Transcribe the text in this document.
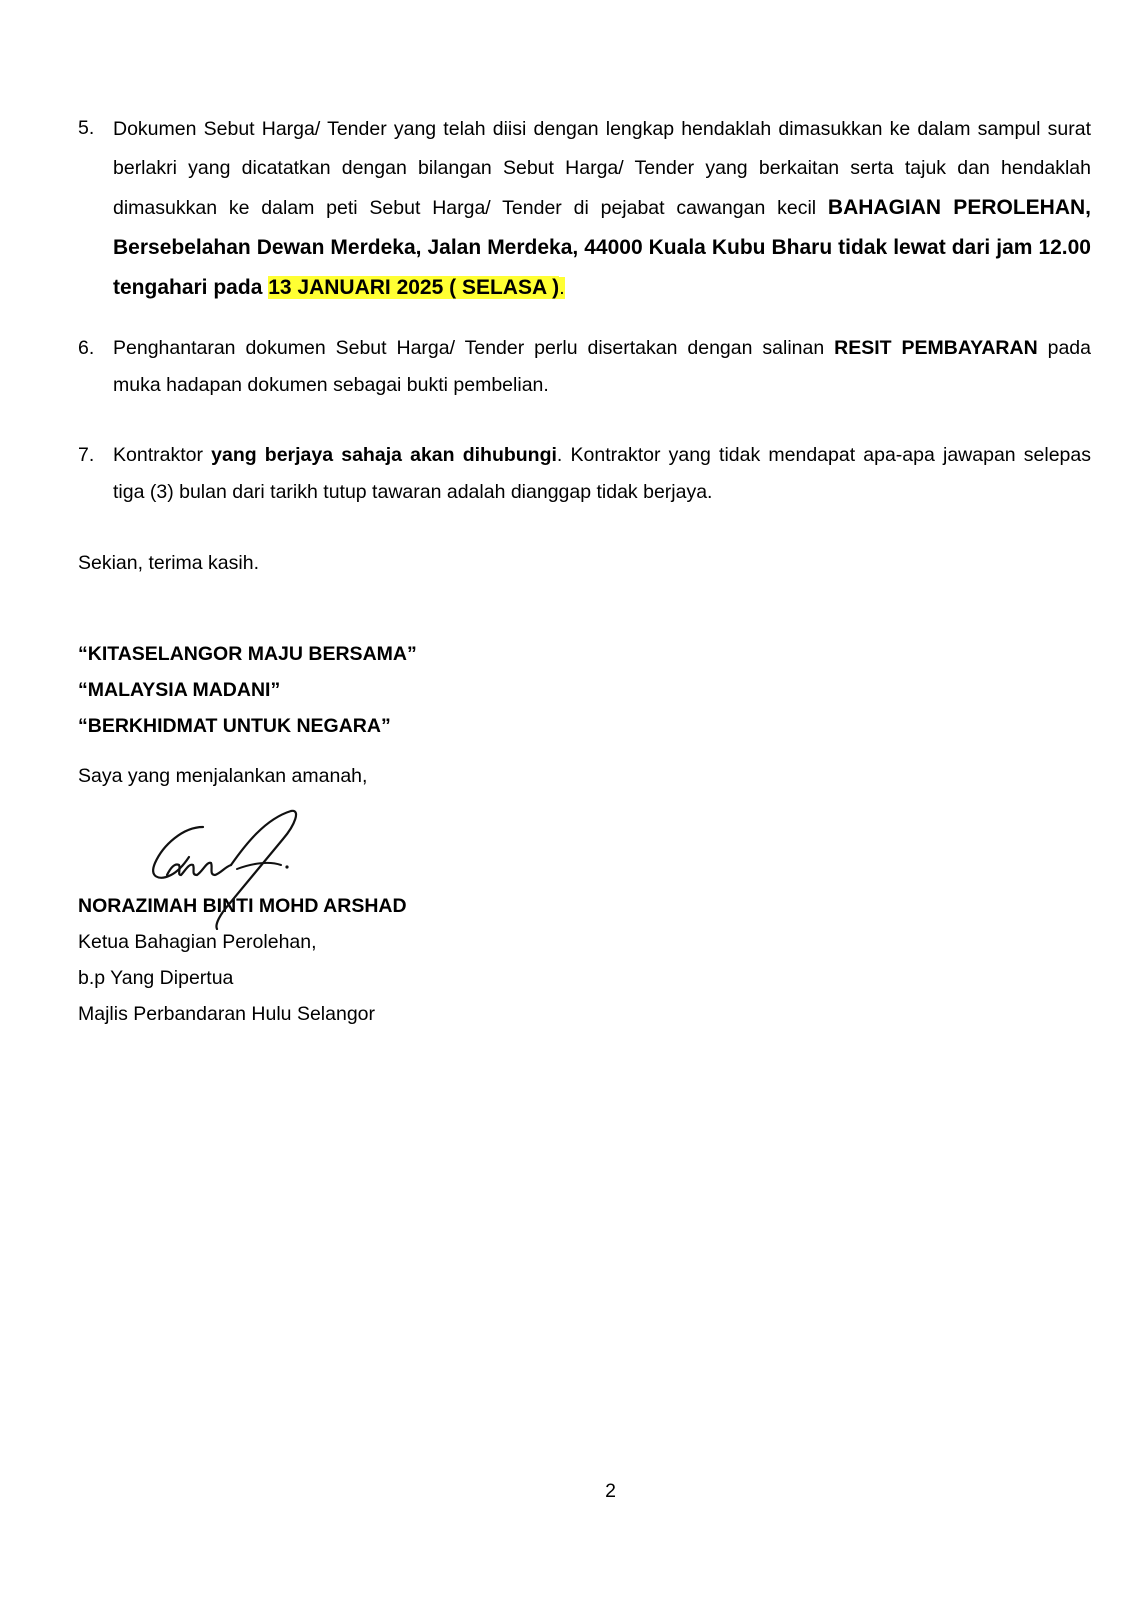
5. Dokumen Sebut Harga/ Tender yang telah diisi dengan lengkap hendaklah dimasukkan ke dalam sampul surat berlakri yang dicatatkan dengan bilangan Sebut Harga/ Tender yang berkaitan serta tajuk dan hendaklah dimasukkan ke dalam peti Sebut Harga/ Tender di pejabat cawangan kecil BAHAGIAN PEROLEHAN, Bersebelahan Dewan Merdeka, Jalan Merdeka, 44000 Kuala Kubu Bharu tidak lewat dari jam 12.00 tengahari pada 13 JANUARI 2025 ( SELASA ).
6. Penghantaran dokumen Sebut Harga/ Tender perlu disertakan dengan salinan RESIT PEMBAYARAN pada muka hadapan dokumen sebagai bukti pembelian.
7. Kontraktor yang berjaya sahaja akan dihubungi. Kontraktor yang tidak mendapat apa-apa jawapan selepas tiga (3) bulan dari tarikh tutup tawaran adalah dianggap tidak berjaya.
Sekian, terima kasih.
“KITASELANGOR MAJU BERSAMA”
“MALAYSIA MADANI”
“BERKHIDMAT UNTUK NEGARA”
Saya yang menjalankan amanah,
NORAZIMAH BINTI MOHD ARSHAD
Ketua Bahagian Perolehan,
b.p Yang Dipertua
Majlis Perbandaran Hulu Selangor
2
